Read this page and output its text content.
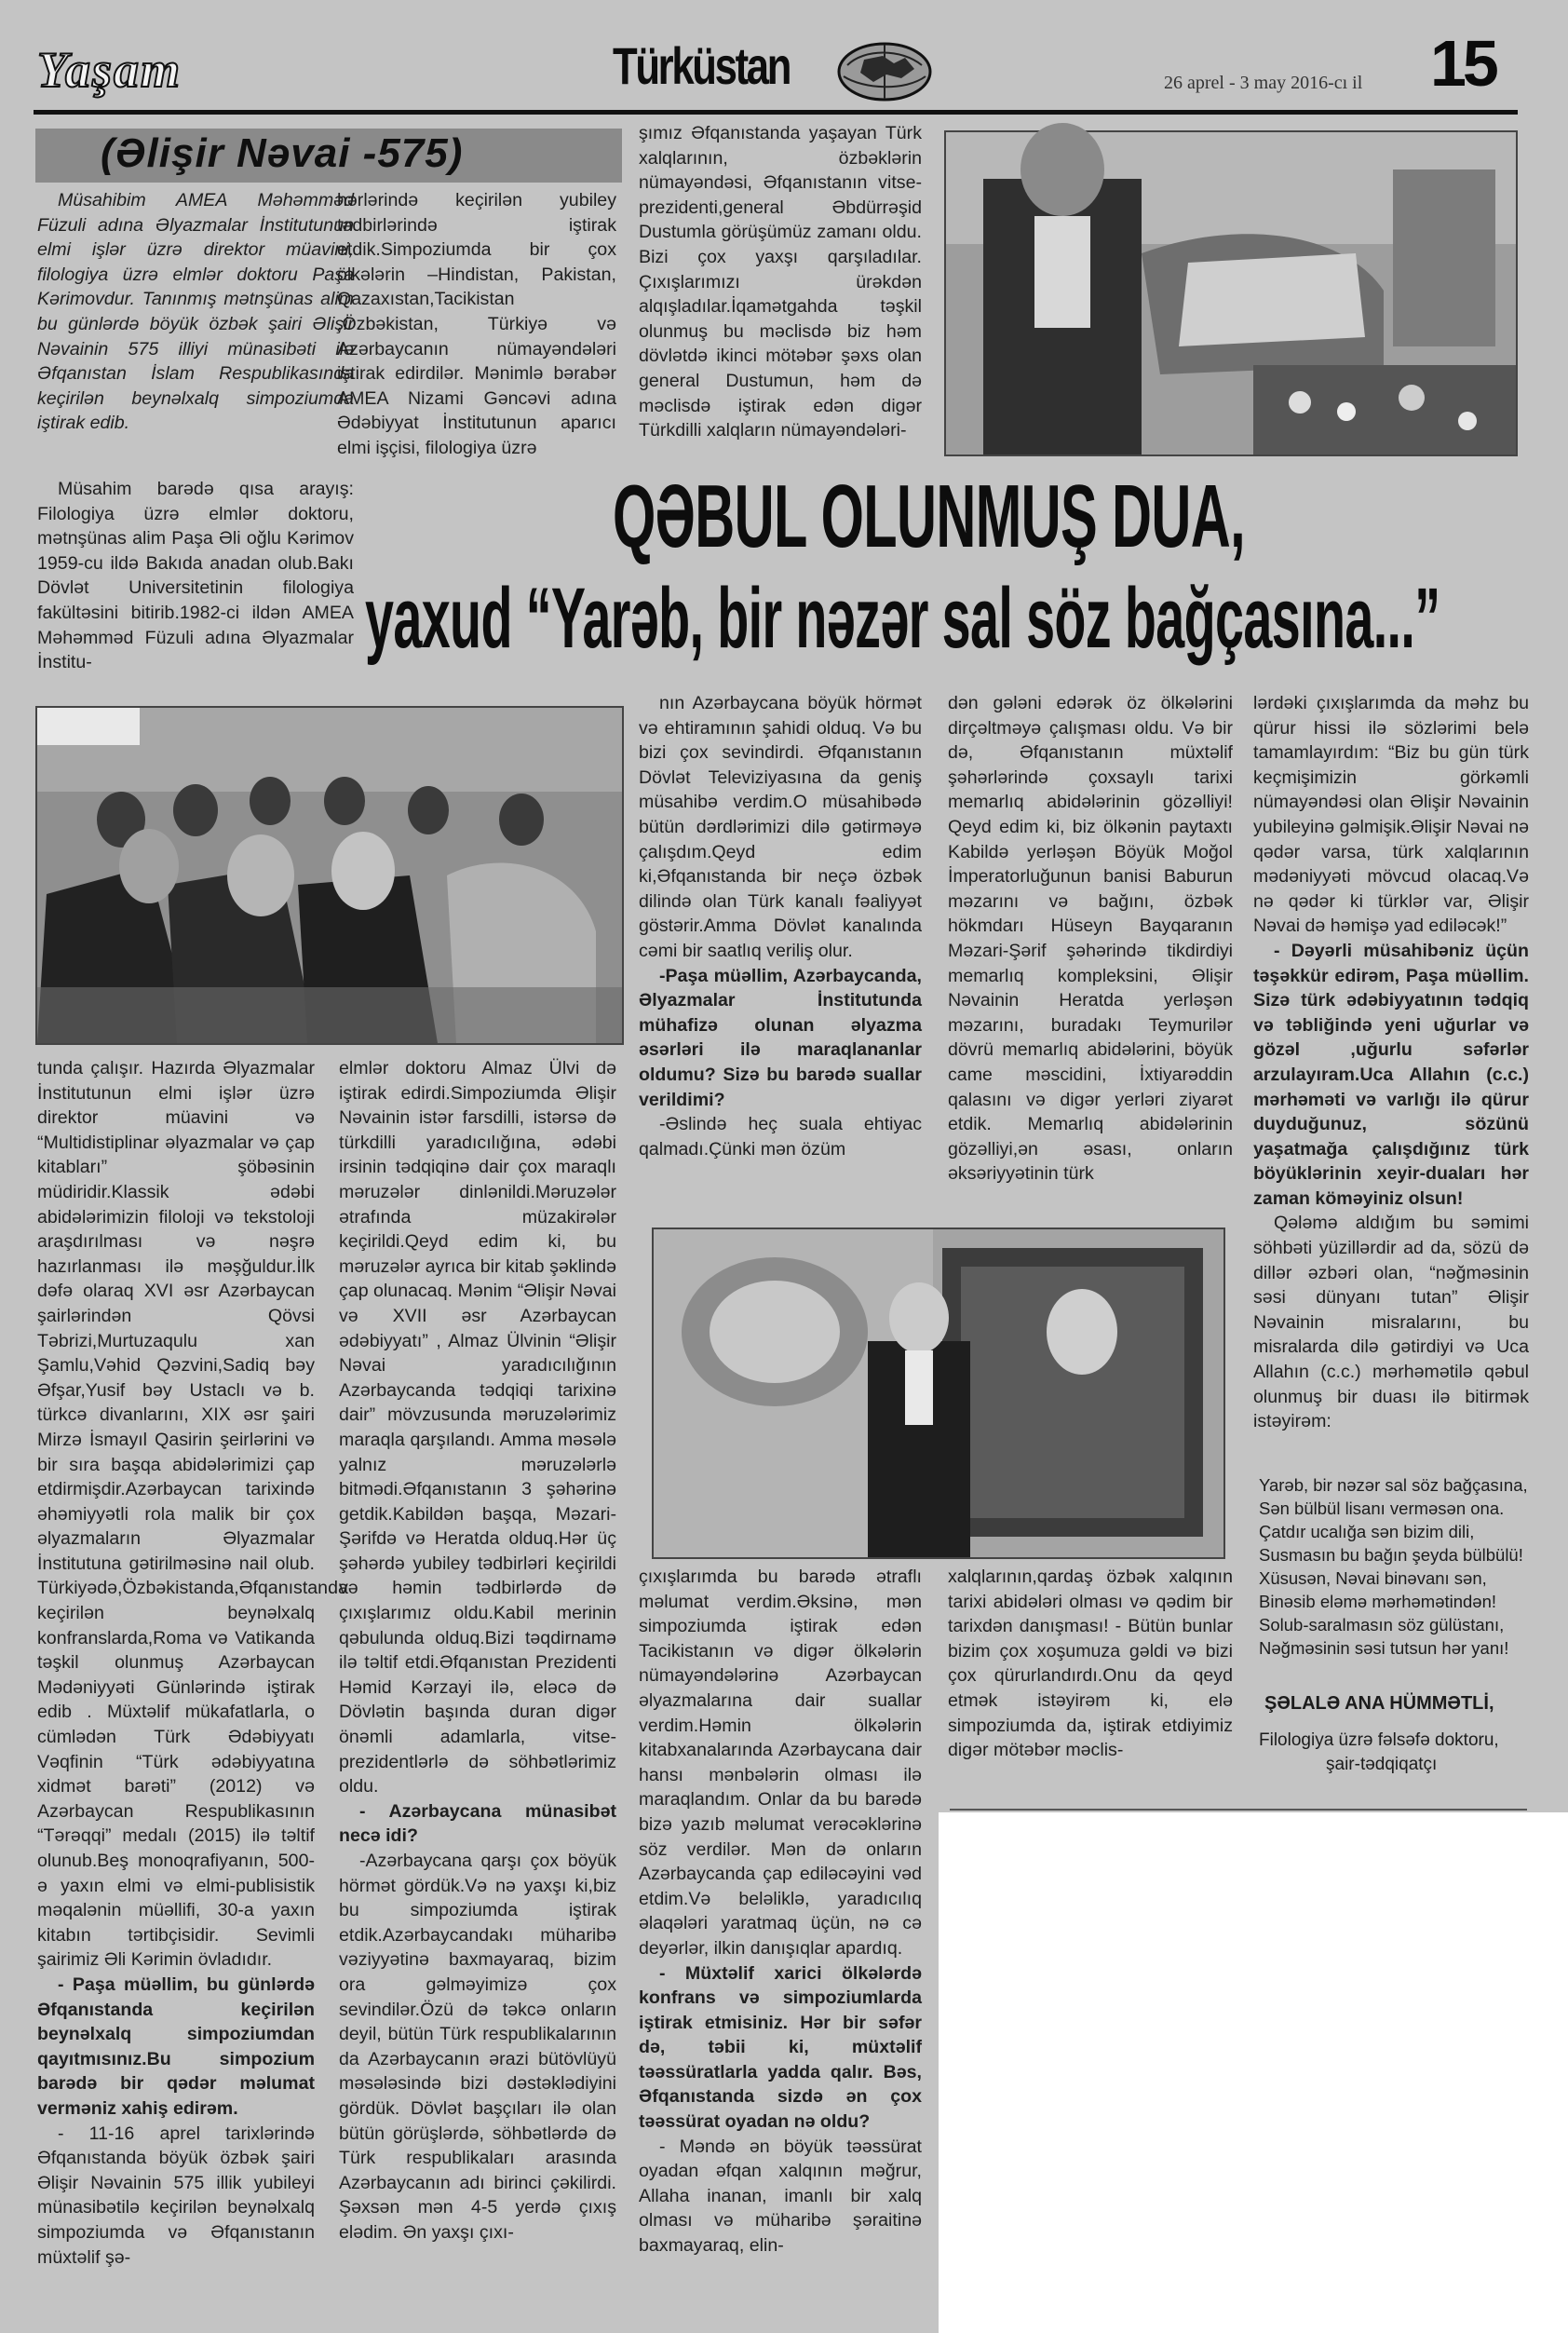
Yaşam	Türküstan	26 aprel - 3 may 2016-cı il 15
(Əlişir Nəvai -575)

Müsahibim AMEA Məhəmməd Füzuli adına Əlyazmalar İnstitutunun elmi işlər üzrə direktor müavini, filologiya üzrə elmlər doktoru Paşa Kərimovdur. Tanınmış mətnşünas alim bu günlərdə böyük özbək şairi Əlişir Nəvainin 575 illiyi münasibəti ilə Əfqanıstan İslam Respublikasında keçirilən beynəlxalq simpoziumda iştirak edib.

Müsahim barədə qısa arayış: Filologiya üzrə elmlər doktoru, mətnşünas alim Paşa Əli oğlu Kərimov 1959-cu ildə Bakıda anadan olub.Bakı Dövlət Universitetinin filologiya fakültəsini bitirib.1982-ci ildən AMEA Məhəmməd Füzuli adına Əlyazmalar İnstitu-

hərlərində keçirilən yubiley tədbirlərində iştirak etdik.Simpoziumda bir çox ölkələrin –Hindistan, Pakistan, Qazaxıstan,Tacikistan ,Özbəkistan, Türkiyə və Azərbaycanın nümayəndələri iştirak edirdilər. Mənimlə bərabər AMEA Nizami Gəncəvi adına Ədəbiyyat İnstitutunun aparıcı elmi işçisi, filologiya üzrə

şımız Əfqanıstanda yaşayan Türk xalqlarının, özbəklərin nümayəndəsi, Əfqanıstanın vitse-prezidenti,general Əbdürrəşid Dustumla görüşümüz zamanı oldu. Bizi çox yaxşı qarşıladılar. Çıxışlarımızı ürəkdən alqışladılar.İqamətgahda təşkil olunmuş bu məclisdə biz həm dövlətdə ikinci mötəbər şəxs olan general Dustumun, həm də məclisdə iştirak edən digər Türkdilli xalqların nümayəndələri-

QƏBUL OLUNMUŞ DUA,
yaxud “Yarəb, bir nəzər sal söz bağçasına...”

nın Azərbaycana böyük hörmət və ehtiramının şahidi olduq. Və bu bizi çox sevindirdi. Əfqanıstanın Dövlət Televiziyasına da geniş müsahibə verdim.O müsahibədə bütün dərdlərimizi dilə gətirməyə çalışdım.Qeyd edim ki,Əfqanıstanda bir neçə özbək dilində olan Türk kanalı fəaliyyət göstərir.Amma Dövlət kanalında cəmi bir saatlıq veriliş olur.

-Paşa müəllim, Azərbaycanda, Əlyazmalar İnstitutunda mühafizə olunan əlyazma əsərləri ilə maraqlananlar oldumu? Sizə bu barədə suallar verildimi?

-Əslində heç suala ehtiyac qalmadı.Çünki mən özüm

dən gələni edərək öz ölkələrini dirçəltməyə çalışması oldu. Və bir də, Əfqanıstanın müxtəlif şəhərlərində çoxsaylı tarixi memarlıq abidələrinin gözəlliyi! Qeyd edim ki, biz ölkənin paytaxtı Kabildə yerləşən Böyük Moğol İmperatorluğunun banisi Baburun məzarını və bağını, özbək hökmdarı Hüseyn Bayqaranın Məzari-Şərif şəhərində tikdirdiyi memarlıq kompleksini, Əlişir Nəvainin Heratda yerləşən məzarını, buradakı Teymurilər dövrü memarlıq abidələrini, böyük came məscidini, İxtiyarəddin qalasını və digər yerləri ziyarət etdik. Memarlıq abidələrinin gözəlliyi,ən əsası, onların əksəriyyətinin türk

lərdəki çıxışlarımda da məhz bu qürur hissi ilə sözlərimi belə tamamlayırdım: “Biz bu gün türk keçmişimizin görkəmli nümayəndəsi olan Əlişir Nəvainin yubileyinə gəlmişik.Əlişir Nəvai nə qədər varsa, türk xalqlarının mədəniyyəti mövcud olacaq.Və nə qədər ki türklər var, Əlişir Nəvai də həmişə yad ediləcək!”

- Dəyərli müsahibəniz üçün təşəkkür edirəm, Paşa müəllim. Sizə türk ədəbiyyatının tədqiq və təbliğində yeni uğurlar və gözəl ,uğurlu səfərlər arzulayıram.Uca Allahın (c.c.) mərhəməti və varlığı ilə qürur duyduğunuz, sözünü yaşatmağa çalışdığınız türk böyüklərinin xeyir-duaları hər zaman köməyiniz olsun!

Qələmə aldığım bu səmimi söhbəti yüzillərdir ad da, sözü də dillər əzbəri olan, “nəğməsinin səsi dünyanı tutan” Əlişir Nəvainin misralarını, bu misralarda dilə gətirdiyi və Uca Allahın (c.c.) mərhəmətilə qəbul olunmuş bir duası ilə bitirmək istəyirəm:

Yarəb, bir nəzər sal söz bağçasına,
Sən bülbül lisanı verməsən ona.
Çatdır ucalığa sən bizim dili,
Susmasın bu bağın şeyda bülbülü!
Xüsusən, Nəvai binəvanı sən,
Binəsib eləmə mərhəmətindən!
Solub-saralmasın söz gülüstanı,
Nəğməsinin səsi tutsun hər yanı!
ŞƏLALƏ ANA HÜMMƏTLİ,
Filologiya üzrə fəlsəfə doktoru,
şair-tədqiqatçı

tunda çalışır. Hazırda Əlyazmalar İnstitutunun elmi işlər üzrə direktor müavini və “Multidistiplinar əlyazmalar və çap kitabları” şöbəsinin müdiridir.Klassik ədəbi abidələrimizin filoloji və tekstoloji araşdırılması və nəşrə hazırlanması ilə məşğuldur.İlk dəfə olaraq XVI əsr Azərbaycan şairlərindən Qövsi Təbrizi,Murtuzaqulu xan Şamlu,Vəhid Qəzvini,Sadiq bəy Əfşar,Yusif bəy Ustaclı və b. türkcə divanlarını, XIX əsr şairi Mirzə İsmayıl Qasirin şeirlərini və bir sıra başqa abidələrimizi çap etdirmişdir.Azərbaycan tarixində əhəmiyyətli rola malik bir çox əlyazmaların Əlyazmalar İnstitutuna gətirilməsinə nail olub. Türkiyədə,Özbəkistanda,Əfqanıstanda keçirilən beynəlxalq konfranslarda,Roma və Vatikanda təşkil olunmuş Azərbaycan Mədəniyyəti Günlərində iştirak edib . Müxtəlif mükafatlarla, o cümlədən Türk Ədəbiyyatı Vəqfinin “Türk ədəbiyyatına xidmət barəti” (2012) və Azərbaycan Respublikasının “Tərəqqi” medalı (2015) ilə təltif olunub.Beş monoqrafiyanın, 500-ə yaxın elmi və elmi-publisistik məqalənin müəllifi, 30-a yaxın kitabın tərtibçisidir. Sevimli şairimiz Əli Kərimin övladıdır.

- Paşa müəllim, bu günlərdə Əfqanıstanda keçirilən beynəlxalq simpoziumdan qayıtmısınız.Bu simpozium barədə bir qədər məlumat verməniz xahiş edirəm.

- 11-16 aprel tarixlərində Əfqanıstanda böyük özbək şairi Əlişir Nəvainin 575 illik yubileyi münasibətilə keçirilən beynəlxalq simpoziumda və Əfqanıstanın müxtəlif şə-

elmlər doktoru Almaz Ülvi də iştirak edirdi.Simpoziumda Əlişir Nəvainin istər farsdilli, istərsə də türkdilli yaradıcılığına, ədəbi irsinin tədqiqinə dair çox maraqlı məruzələr dinlənildi.Məruzələr ətrafında müzakirələr keçirildi.Qeyd edim ki, bu məruzələr ayrıca bir kitab şəklində çap olunacaq. Mənim “Əlişir Nəvai və XVII əsr Azərbaycan ədəbiyyatı” , Almaz Ülvinin “Əlişir Nəvai yaradıcılığının Azərbaycanda tədqiqi tarixinə dair” mövzusunda məruzələrimiz maraqla qarşılandı. Amma məsələ yalnız məruzələrlə bitmədi.Əfqanıstanın 3 şəhərinə getdik.Kabildən başqa, Məzari-Şərifdə və Heratda olduq.Hər üç şəhərdə yubiley tədbirləri keçirildi və həmin tədbirlərdə də çıxışlarımız oldu.Kabil merinin qəbulunda olduq.Bizi təqdirnamə ilə təltif etdi.Əfqanıstan Prezidenti Həmid Kərzayi ilə, eləcə də Dövlətin başında duran digər önəmli adamlarla, vitse-prezidentlərlə də söhbətlərimiz oldu.

- Azərbaycana münasibət necə idi?

-Azərbaycana qarşı çox böyük hörmət gördük.Və nə yaxşı ki,biz bu simpoziumda iştirak etdik.Azərbaycandakı müharibə vəziyyətinə baxmayaraq, bizim ora gəlməyimizə çox sevindilər.Özü də təkcə onların deyil, bütün Türk respublikalarının da Azərbaycanın ərazi bütövlüyü məsələsində bizi dəstəklədiyini gördük. Dövlət başçıları ilə olan bütün görüşlərdə, söhbətlərdə də Türk respublikaları arasında Azərbaycanın adı birinci çəkilirdi. Şəxsən mən 4-5 yerdə çıxış elədim. Ən yaxşı çıxı-

çıxışlarımda bu barədə ətraflı məlumat verdim.Əksinə, mən simpoziumda iştirak edən Tacikistanın və digər ölkələrin nümayəndələrinə Azərbaycan əlyazmalarına dair suallar verdim.Həmin ölkələrin kitabxanalarında Azərbaycana dair hansı mənbələrin olması ilə maraqlandım. Onlar da bu barədə bizə yazıb məlumat verəcəklərinə söz verdilər. Mən də onların Azərbaycanda çap ediləcəyini vəd etdim.Və beləliklə, yaradıcılıq əlaqələri yaratmaq üçün, nə cə deyərlər, ilkin danışıqlar apardıq.

- Müxtəlif xarici ölkələrdə konfrans və simpoziumlarda iştirak etmisiniz. Hər bir səfər də, təbii ki, müxtəlif təəssüratlarla yadda qalır. Bəs, Əfqanıstanda sizdə ən çox təəssürat oyadan nə oldu?

- Məndə ən böyük təəssürat oyadan əfqan xalqının məğrur, Allaha inanan, imanlı bir xalq olması və müharibə şəraitinə baxmayaraq, elin-

xalqlarının,qardaş özbək xalqının tarixi abidələri olması və qədim bir tarixdən danışması! - Bütün bunlar bizim çox xoşumuza gəldi və bizi çox qürurlandırdı.Onu da qeyd etmək istəyirəm ki, elə simpoziumda da, iştirak etdiyimiz digər mötəbər məclis-
